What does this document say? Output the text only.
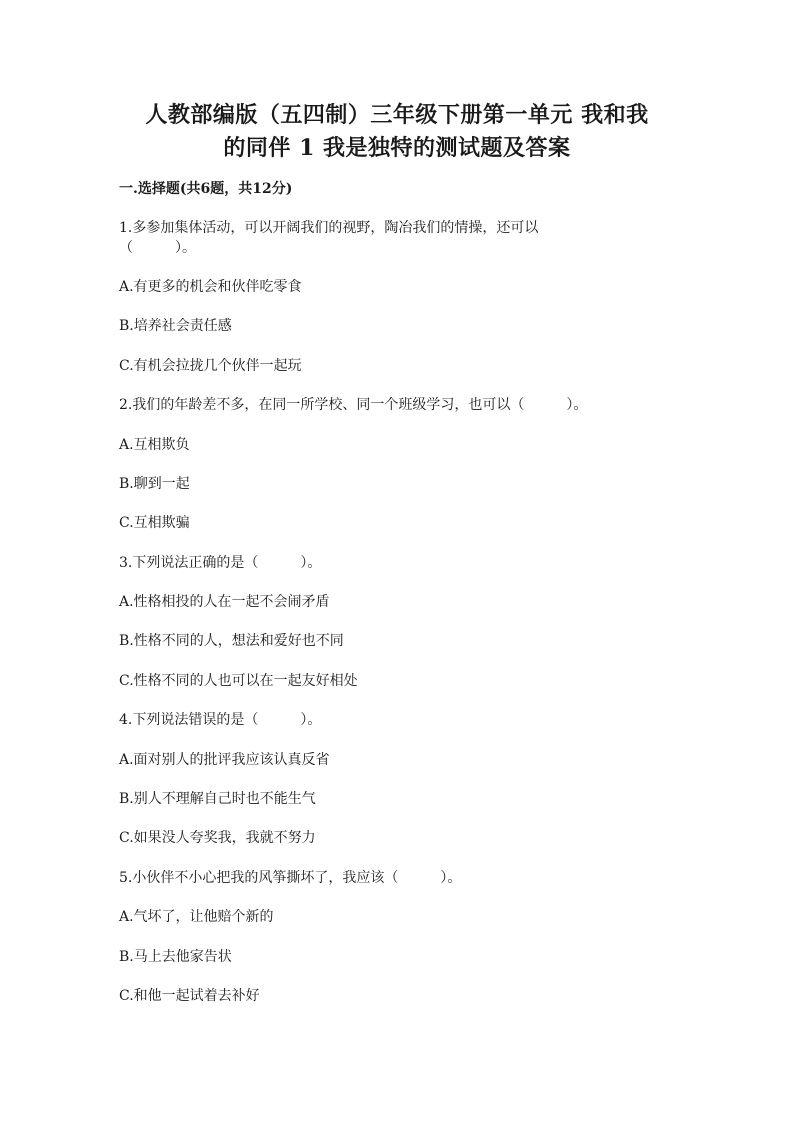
人教部编版（五四制）三年级下册第一单元 我和我
的同伴 1 我是独特的测试题及答案
一.选择题(共6题，共12分)
1.多参加集体活动，可以开阔我们的视野，陶冶我们的情操，还可以
（　　　）。
A.有更多的机会和伙伴吃零食
B.培养社会责任感
C.有机会拉拢几个伙伴一起玩
2.我们的年龄差不多，在同一所学校、同一个班级学习，也可以（　　　）。
A.互相欺负
B.聊到一起
C.互相欺骗
3.下列说法正确的是（　　　）。
A.性格相投的人在一起不会闹矛盾
B.性格不同的人，想法和爱好也不同
C.性格不同的人也可以在一起友好相处
4.下列说法错误的是（　　　）。
A.面对别人的批评我应该认真反省
B.别人不理解自己时也不能生气
C.如果没人夸奖我，我就不努力
5.小伙伴不小心把我的风筝撕坏了，我应该（　　　）。
A.气坏了，让他赔个新的
B.马上去他家告状
C.和他一起试着去补好
